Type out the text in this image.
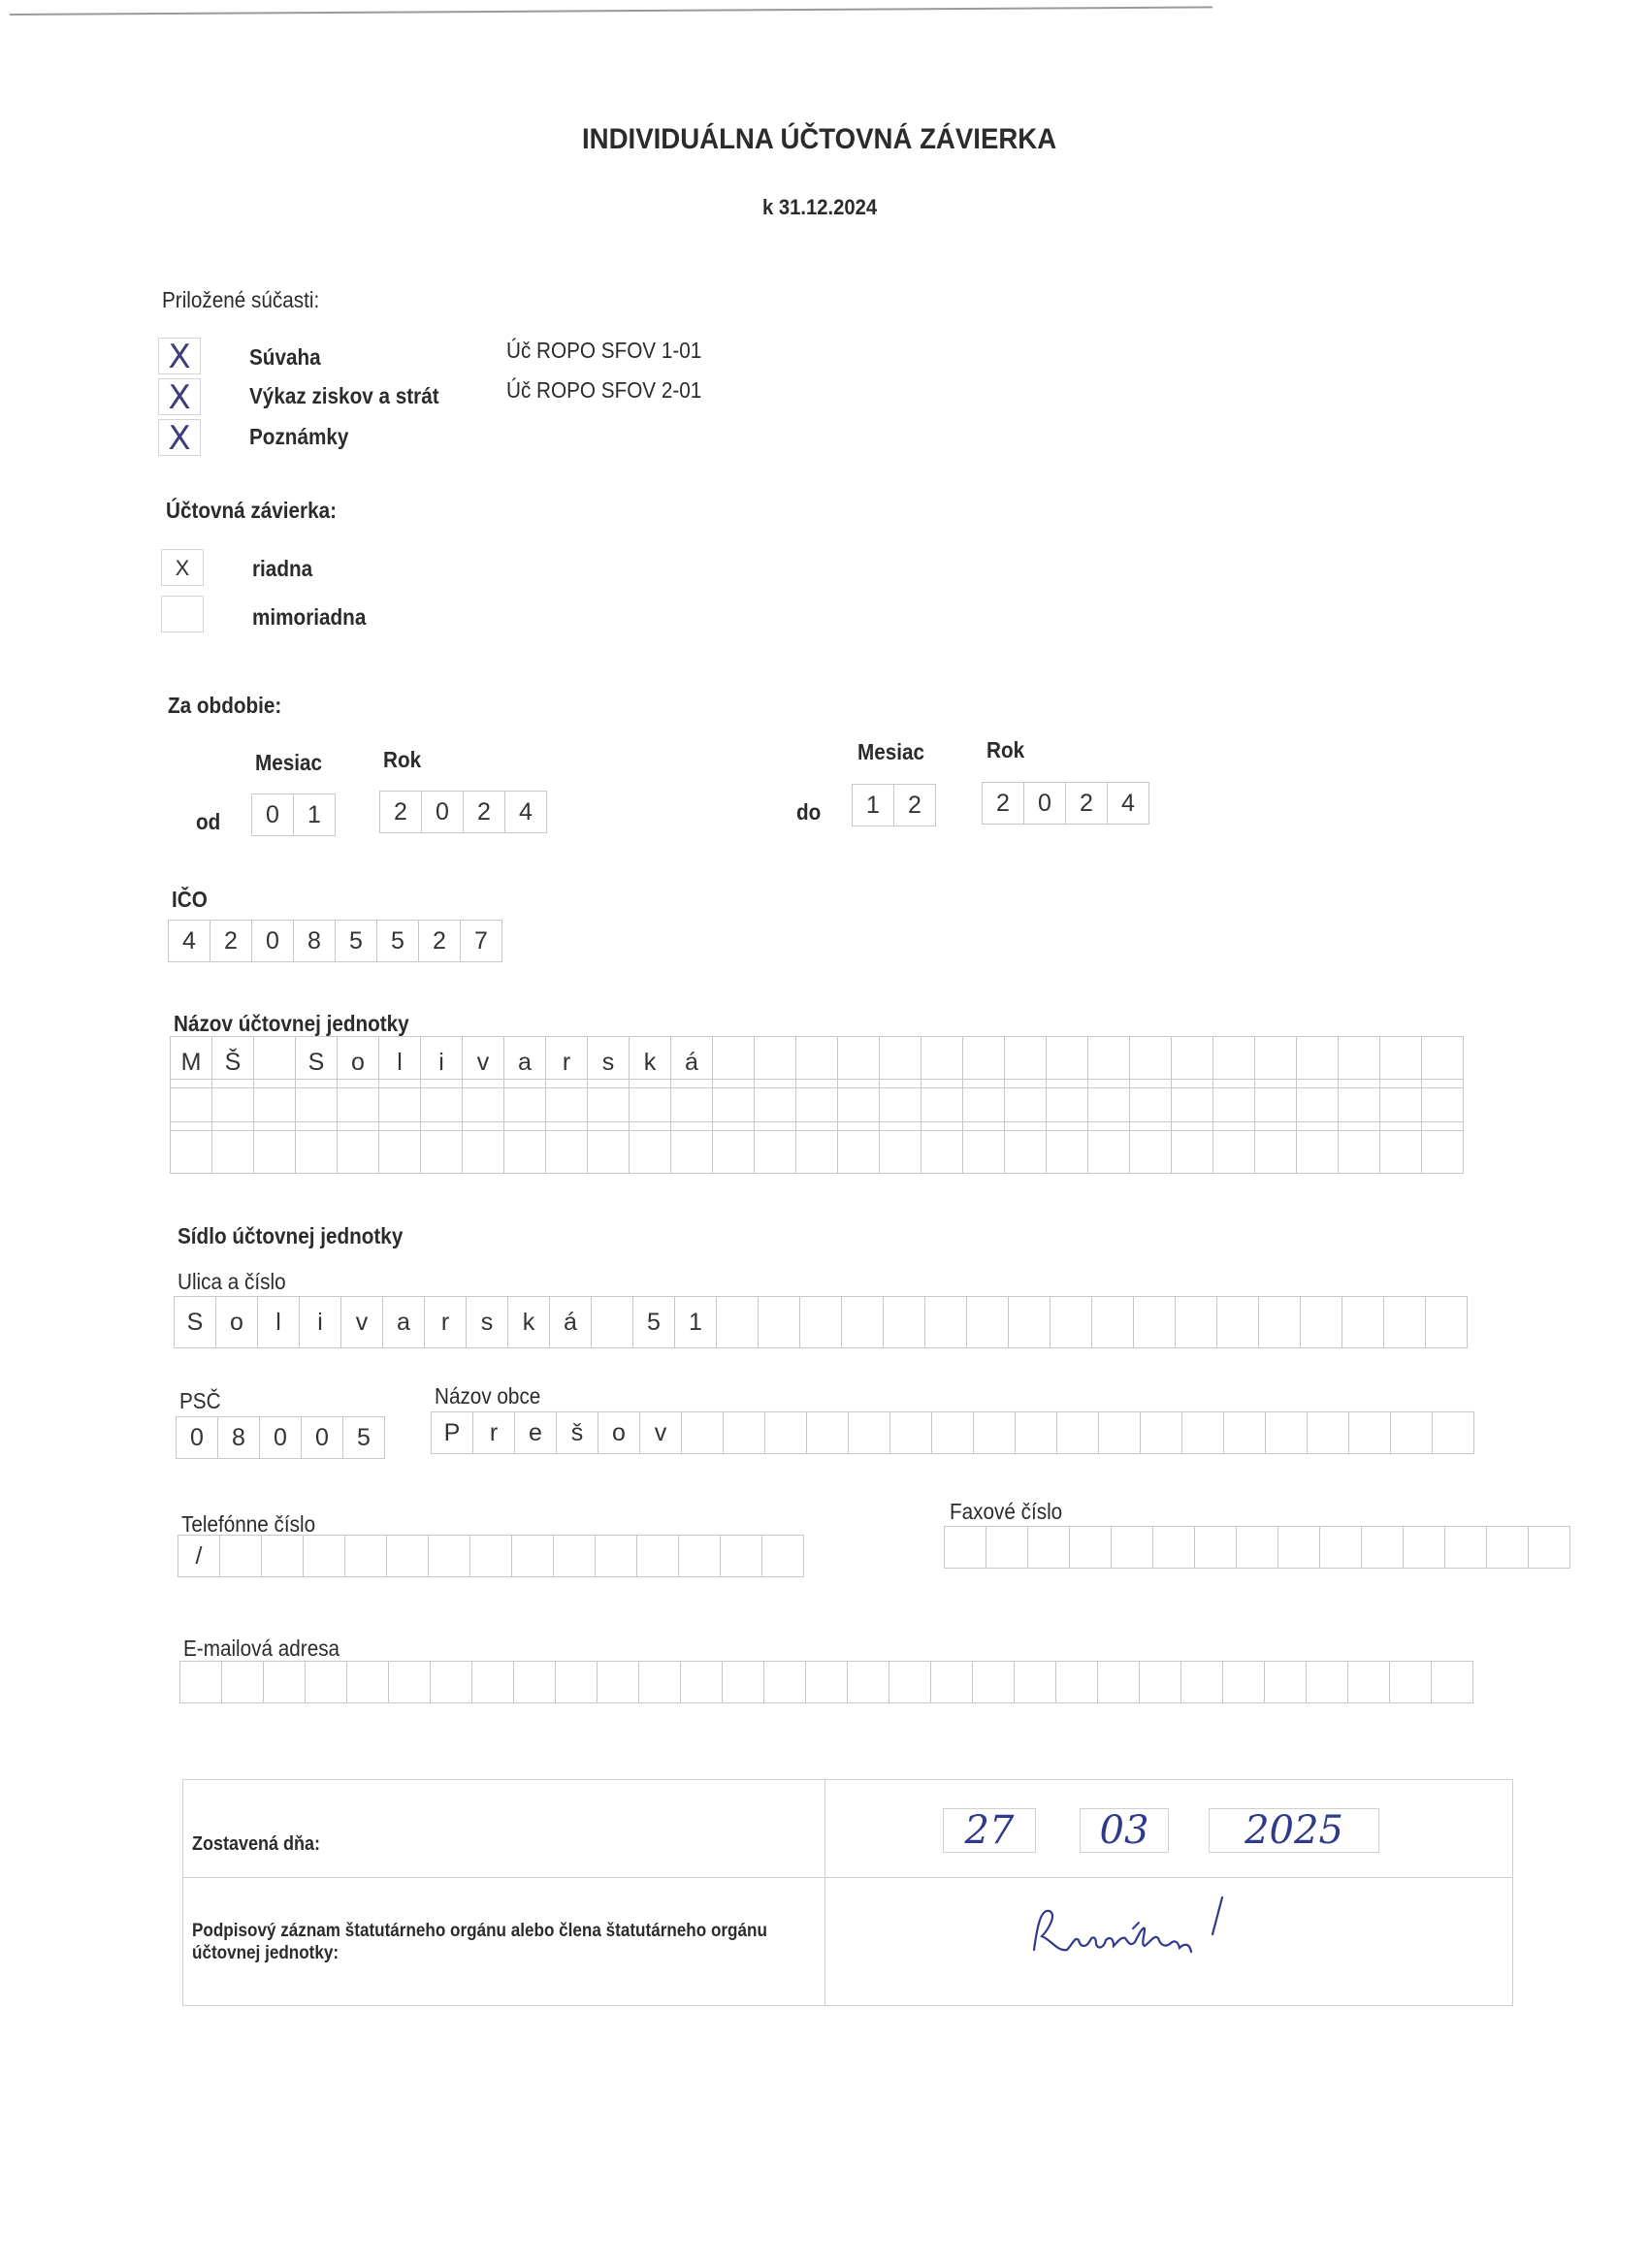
INDIVIDUÁLNA ÚČTOVNÁ ZÁVIERKA
k 31.12.2024
Priložené súčasti:
X	Súvaha	Úč ROPO SFOV 1-01
X	Výkaz ziskov a strát	Úč ROPO SFOV 2-01
X	Poznámky
Účtovná závierka:
X	riadna
mimoriadna
Za obdobie:
Mesiac	Rok
od	0	1	2	0	2	4
Mesiac	Rok
do	1	2	2	0	2	4
IČO
4	2	0	8	5	5	2	7
Názov účtovnej jednotky
M Š	S	o	l	i	v	a	r	s	k	á
Sídlo účtovnej jednotky
Ulica a číslo
S	o	l	i	v	a	r	s	k	á	5	1
PSČ
0	8	0	0	5
Názov obce
P	r	e	š	o	v
Telefónne číslo
/
Faxové číslo
E-mailová adresa
Zostavená dňa:	27 03 2025
Podpisový záznam štatutárneho orgánu alebo člena štatutárneho orgánu
účtovnej jednotky:
